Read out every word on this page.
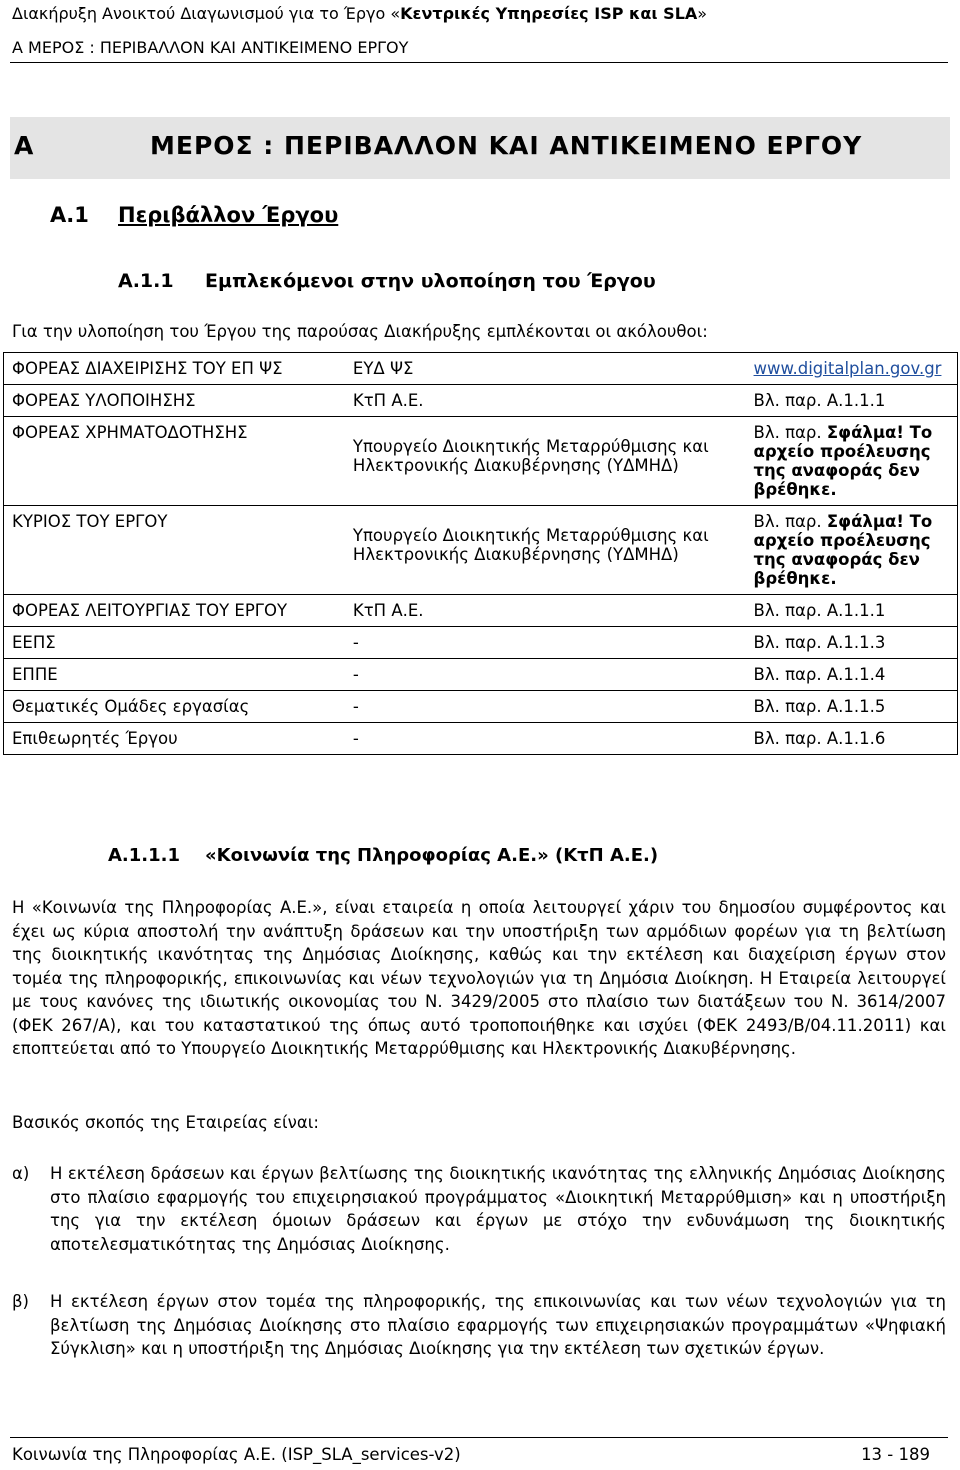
Διακήρυξη Ανοικτού Διαγωνισμού για το Έργο «Κεντρικές Υπηρεσίες ISP και SLA»
Α ΜΕΡΟΣ : ΠΕΡΙΒΑΛΛΟΝ ΚΑΙ ΑΝΤΙΚΕΙΜΕΝΟ ΕΡΓΟΥ
Α	ΜΕΡΟΣ : ΠΕΡΙΒΑΛΛΟΝ ΚΑΙ ΑΝΤΙΚΕΙΜΕΝΟ ΕΡΓΟΥ
Α.1 Περιβάλλον Έργου
Α.1.1 Εμπλεκόμενοι στην υλοποίηση του Έργου
Για την υλοποίηση του Έργου της παρούσας Διακήρυξης εμπλέκονται οι ακόλουθοι:
ΦΟΡΕΑΣ ΔΙΑΧΕΙΡΙΣΗΣ ΤΟΥ ΕΠ ΨΣ	ΕΥΔ ΨΣ	www.digitalplan.gov.gr
ΦΟΡΕΑΣ ΥΛΟΠΟΙΗΣΗΣ	ΚτΠ Α.Ε.	Βλ. παρ. Α.1.1.1
ΦΟΡΕΑΣ ΧΡΗΜΑΤΟΔΟΤΗΣΗΣ	Υπουργείο Διοικητικής Μεταρρύθμισης και Ηλεκτρονικής Διακυβέρνησης (ΥΔΜΗΔ)	Βλ. παρ. Σφάλμα! Το αρχείο προέλευσης της αναφοράς δεν βρέθηκε.
ΚΥΡΙΟΣ ΤΟΥ ΕΡΓΟΥ	Υπουργείο Διοικητικής Μεταρρύθμισης και Ηλεκτρονικής Διακυβέρνησης (ΥΔΜΗΔ)	Βλ. παρ. Σφάλμα! Το αρχείο προέλευσης της αναφοράς δεν βρέθηκε.
ΦΟΡΕΑΣ ΛΕΙΤΟΥΡΓΙΑΣ ΤΟΥ ΕΡΓΟΥ	ΚτΠ Α.Ε.	Βλ. παρ. Α.1.1.1
ΕΕΠΣ	-	Βλ. παρ. Α.1.1.3
ΕΠΠΕ	-	Βλ. παρ. Α.1.1.4
Θεματικές Ομάδες εργασίας	-	Βλ. παρ. Α.1.1.5
Επιθεωρητές Έργου	-	Βλ. παρ. Α.1.1.6
Α.1.1.1 «Κοινωνία της Πληροφορίας Α.Ε.» (ΚτΠ Α.Ε.)
Η «Κοινωνία της Πληροφορίας Α.Ε.», είναι εταιρεία η οποία λειτουργεί χάριν του δημοσίου συμφέροντος και έχει ως κύρια αποστολή την ανάπτυξη δράσεων και την υποστήριξη των αρμόδιων φορέων για τη βελτίωση της διοικητικής ικανότητας της Δημόσιας Διοίκησης, καθώς και την εκτέλεση και διαχείριση έργων στον τομέα της πληροφορικής, επικοινωνίας και νέων τεχνολογιών για τη Δημόσια Διοίκηση. Η Εταιρεία λειτουργεί με τους κανόνες της ιδιωτικής οικονομίας του Ν. 3429/2005 στο πλαίσιο των διατάξεων του Ν. 3614/2007 (ΦΕΚ 267/Α), και του καταστατικού της όπως αυτό τροποποιήθηκε και ισχύει (ΦΕΚ 2493/Β/04.11.2011) και εποπτεύεται από το Υπουργείο Διοικητικής Μεταρρύθμισης και Ηλεκτρονικής Διακυβέρνησης.
Βασικός σκοπός της Εταιρείας είναι:
α) Η εκτέλεση δράσεων και έργων βελτίωσης της διοικητικής ικανότητας της ελληνικής Δημόσιας Διοίκησης στο πλαίσιο εφαρμογής του επιχειρησιακού προγράμματος «Διοικητική Μεταρρύθμιση» και η υποστήριξη της για την εκτέλεση όμοιων δράσεων και έργων με στόχο την ενδυνάμωση της διοικητικής αποτελεσματικότητας της Δημόσιας Διοίκησης.
β) Η εκτέλεση έργων στον τομέα της πληροφορικής, της επικοινωνίας και των νέων τεχνολογιών για τη βελτίωση της Δημόσιας Διοίκησης στο πλαίσιο εφαρμογής των επιχειρησιακών προγραμμάτων «Ψηφιακή Σύγκλιση» και η υποστήριξη της Δημόσιας Διοίκησης για την εκτέλεση των σχετικών έργων.
Κοινωνία της Πληροφορίας Α.Ε. (ISP_SLA_services-v2)	13 - 189
